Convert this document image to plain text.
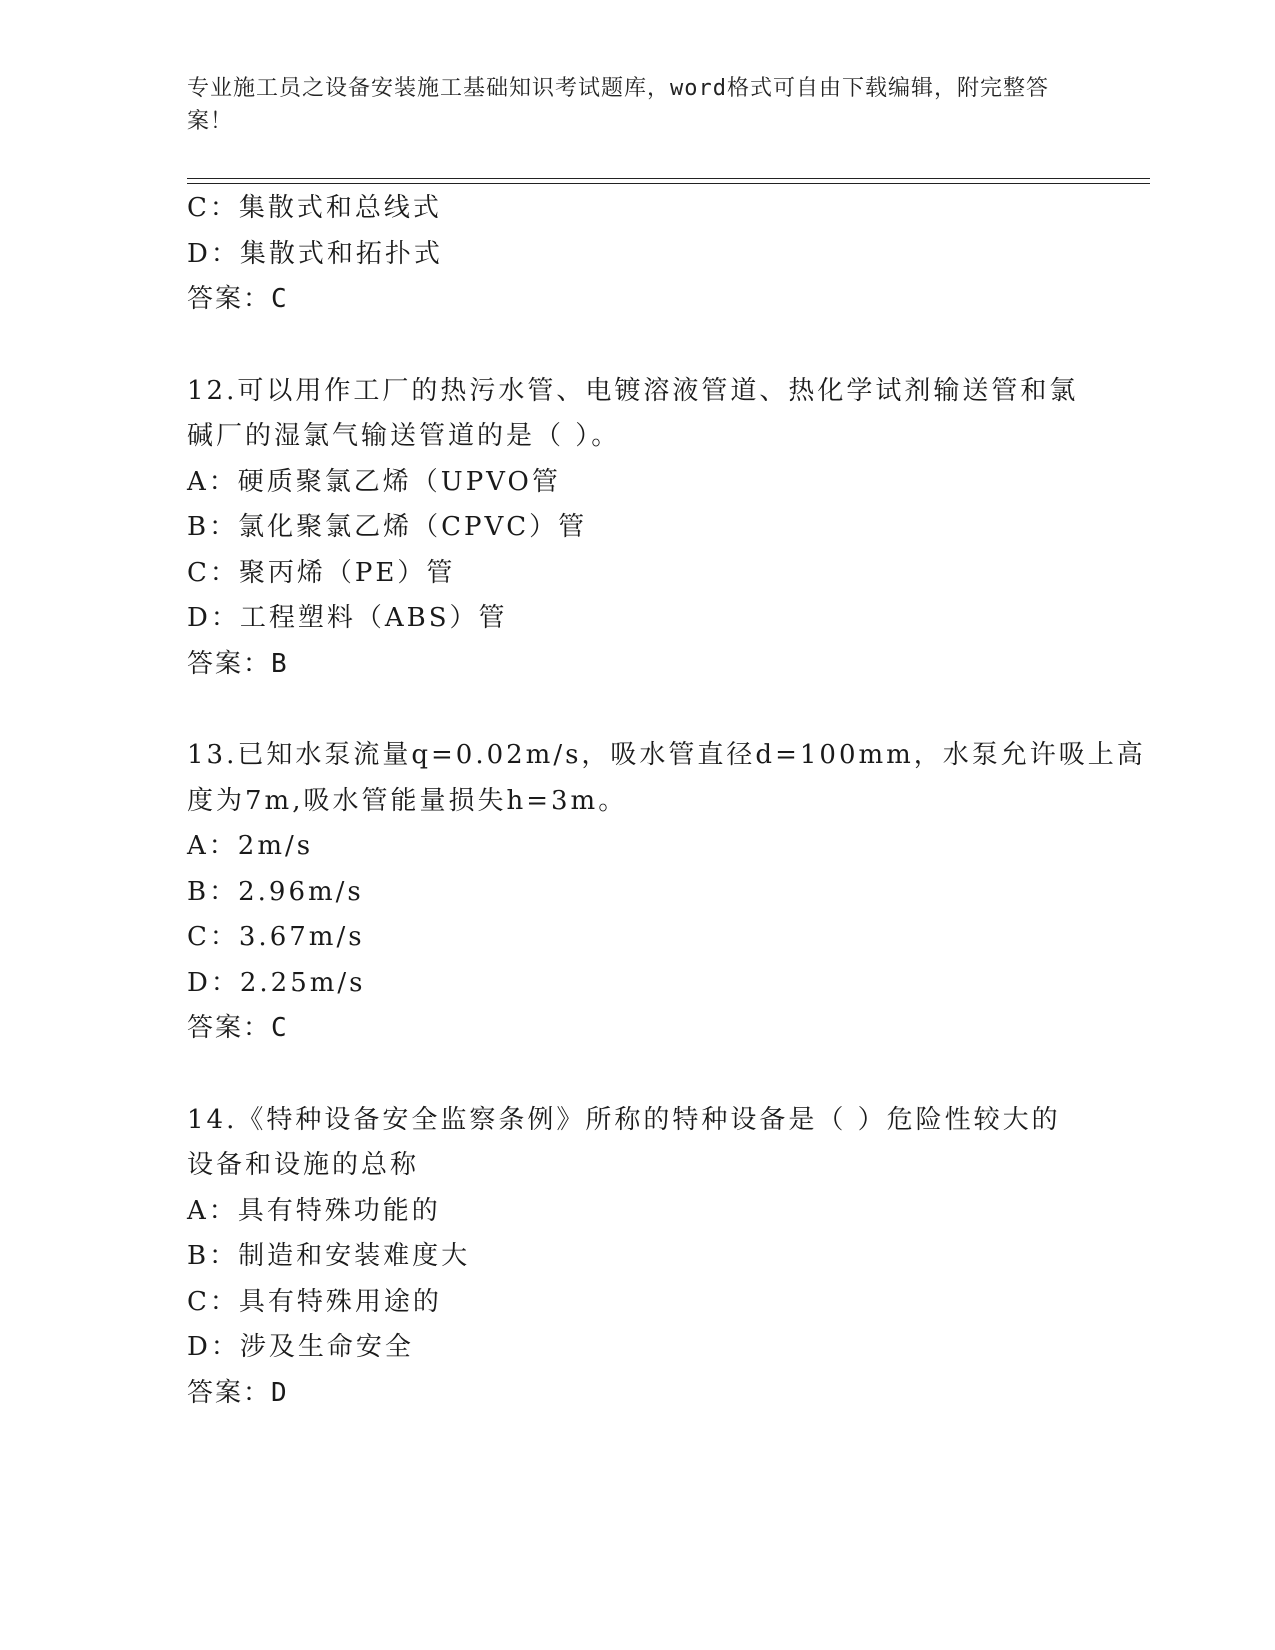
专业施工员之设备安装施工基础知识考试题库，word格式可自由下载编辑，附完整答案！
C：集散式和总线式
D：集散式和拓扑式
答案：C
12.可以用作工厂的热污水管、电镀溶液管道、热化学试剂输送管和氯
碱厂的湿氯气输送管道的是（ ）。
A：硬质聚氯乙烯（UPVO管
B：氯化聚氯乙烯（CPVC）管
C：聚丙烯（PE）管
D：工程塑料（ABS）管
答案：B
13.已知水泵流量q=0.02m/s，吸水管直径d=100mm，水泵允许吸上高
度为7m,吸水管能量损失h=3m。
A：2m/s
B：2.96m/s
C：3.67m/s
D：2.25m/s
答案：C
14.《特种设备安全监察条例》所称的特种设备是（ ）危险性较大的
设备和设施的总称
A：具有特殊功能的
B：制造和安装难度大
C：具有特殊用途的
D：涉及生命安全
答案：D
